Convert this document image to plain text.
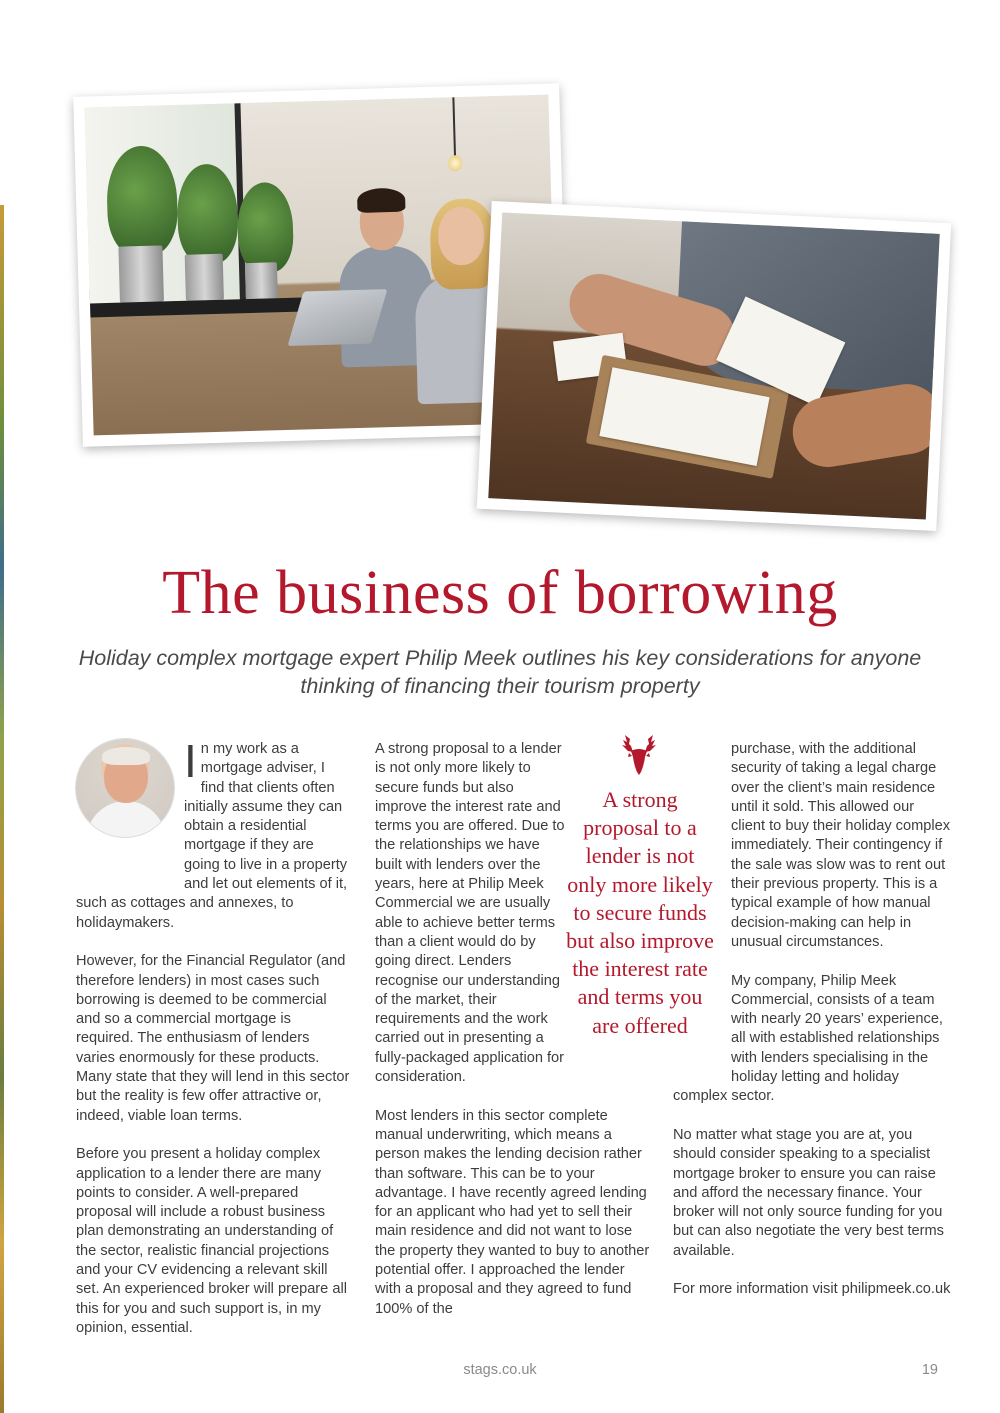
The business of borrowing

Holiday complex mortgage expert Philip Meek outlines his key considerations for anyone thinking of financing their tourism property

In my work as a mortgage adviser, I find that clients often initially assume they can obtain a residential mortgage if they are going to live in a property and let out elements of it, such as cottages and annexes, to holidaymakers.

However, for the Financial Regulator (and therefore lenders) in most cases such borrowing is deemed to be commercial and so a commercial mortgage is required. The enthusiasm of lenders varies enormously for these products. Many state that they will lend in this sector but the reality is few offer attractive or, indeed, viable loan terms.

Before you present a holiday complex application to a lender there are many points to consider. A well-prepared proposal will include a robust business plan demonstrating an understanding of the sector, realistic financial projections and your CV evidencing a relevant skill set. An experienced broker will prepare all this for you and such support is, in my opinion, essential.

A strong proposal to a lender is not only more likely to secure funds but also improve the interest rate and terms you are offered. Due to the relationships we have built with lenders over the years, here at Philip Meek Commercial we are usually able to achieve better terms than a client would do by going direct. Lenders recognise our understanding of the market, their requirements and the work carried out in presenting a fully-packaged application for consideration.

Most lenders in this sector complete manual underwriting, which means a person makes the lending decision rather than software. This can be to your advantage. I have recently agreed lending for an applicant who had yet to sell their main residence and did not want to lose the property they wanted to buy to another potential offer. I approached the lender with a proposal and they agreed to fund 100% of the

purchase, with the additional security of taking a legal charge over the client’s main residence until it sold. This allowed our client to buy their holiday complex immediately. Their contingency if the sale was slow was to rent out their previous property. This is a typical example of how manual decision-making can help in unusual circumstances.

My company, Philip Meek Commercial, consists of a team with nearly 20 years’ experience, all with established relationships with lenders specialising in the holiday letting and holiday complex sector.

No matter what stage you are at, you should consider speaking to a specialist mortgage broker to ensure you can raise and afford the necessary finance. Your broker will not only source funding for you but can also negotiate the very best terms available.

For more information visit philipmeek.co.uk

A strong proposal to a lender is not only more likely to secure funds but also improve the interest rate and terms you are offered

stags.co.uk	19
